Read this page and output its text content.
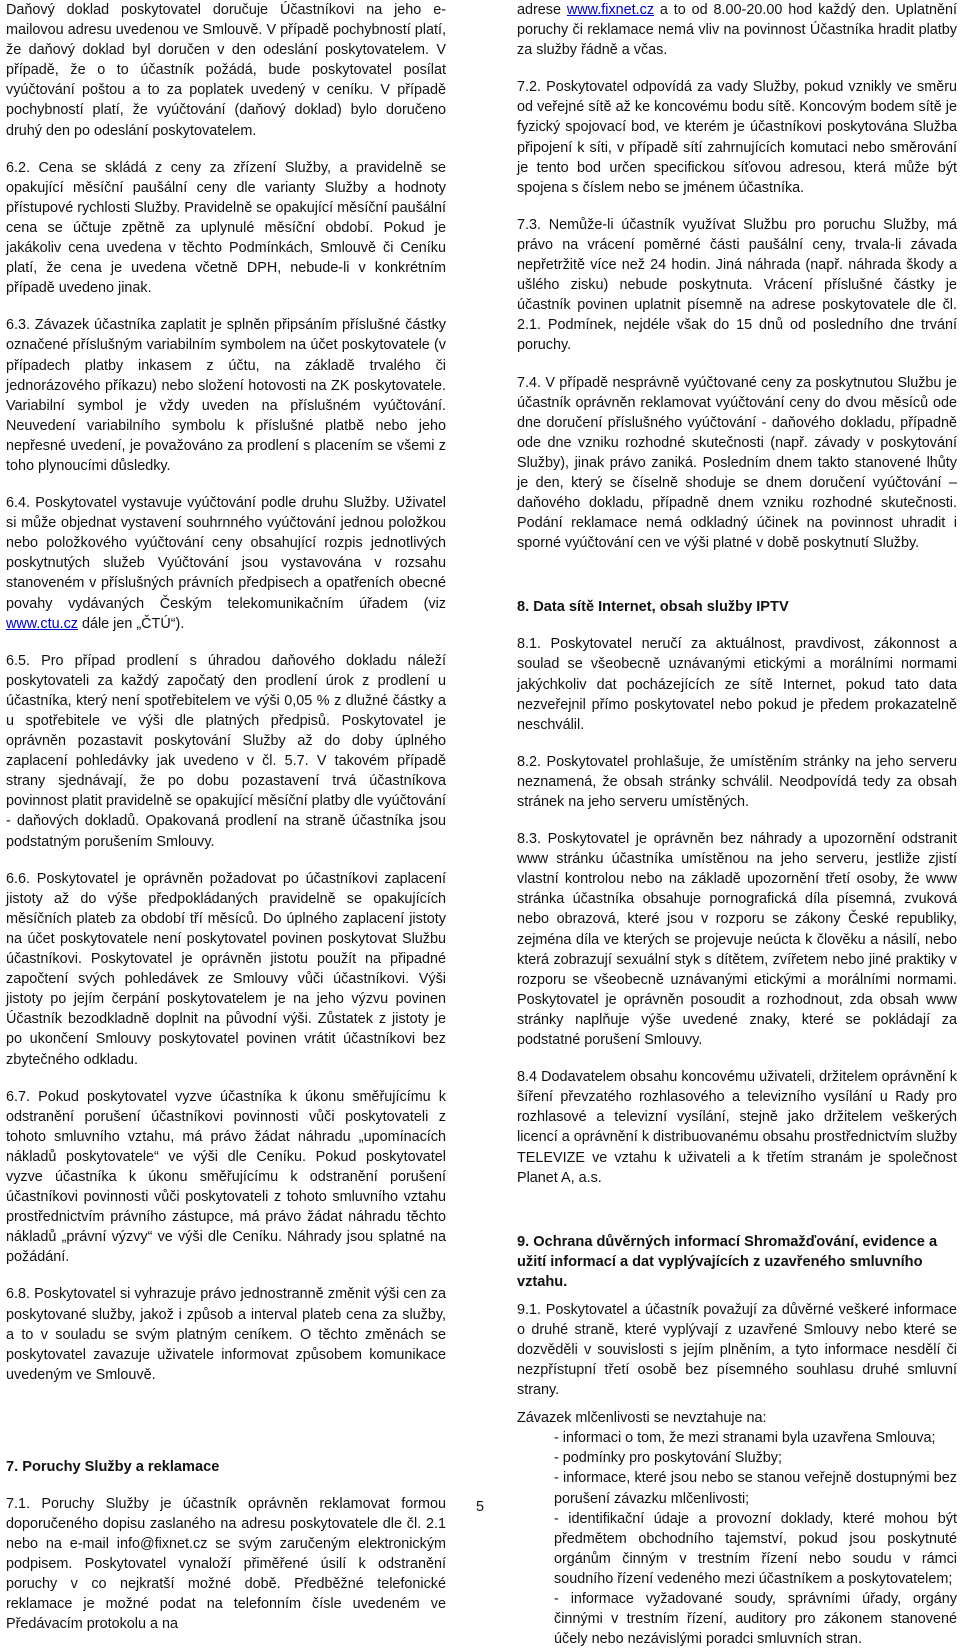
Daňový doklad poskytovatel doručuje Účastníkovi na jeho e-mailovou adresu uvedenou ve Smlouvě. V případě pochybností platí, že daňový doklad byl doručen v den odeslání poskytovatelem. V případě, že o to účastník požádá, bude poskytovatel posílat vyúčtování poštou a to za poplatek uvedený v ceníku. V případě pochybností platí, že vyúčtování (daňový doklad) bylo doručeno druhý den po odeslání poskytovatelem.

6.2. Cena se skládá z ceny za zřízení Služby, a pravidelně se opakující měsíční paušální ceny dle varianty Služby a hodnoty přístupové rychlosti Služby. Pravidelně se opakující měsíční paušální cena se účtuje zpětně za uplynulé měsíční období. Pokud je jakákoliv cena uvedena v těchto Podmínkách, Smlouvě či Ceníku platí, že cena je uvedena včetně DPH, nebude-li v konkrétním případě uvedeno jinak.

6.3. Závazek účastníka zaplatit je splněn připsáním příslušné částky označené příslušným variabilním symbolem na účet poskytovatele (v případech platby inkasem z účtu, na základě trvalého či jednorázového příkazu) nebo složení hotovosti na ZK poskytovatele. Variabilní symbol je vždy uveden na příslušném vyúčtování. Neuvedení variabilního symbolu k příslušné platbě nebo jeho nepřesné uvedení, je považováno za prodlení s placením se všemi z toho plynoucími důsledky.

6.4. Poskytovatel vystavuje vyúčtování podle druhu Služby. Uživatel si může objednat vystavení souhrnného vyúčtování jednou položkou nebo položkového vyúčtování ceny obsahující rozpis jednotlivých poskytnutých služeb Vyúčtování jsou vystavována v rozsahu stanoveném v příslušných právních předpisech a opatřeních obecné povahy vydávaných Českým telekomunikačním úřadem (viz www.ctu.cz dále jen „ČTÚ“).

6.5. Pro případ prodlení s úhradou daňového dokladu náleží poskytovateli za každý započatý den prodlení úrok z prodlení u účastníka, který není spotřebitelem ve výši 0,05 % z dlužné částky a u spotřebitele ve výši dle platných předpisů. Poskytovatel je oprávněn pozastavit poskytování Služby až do doby úplného zaplacení pohledávky jak uvedeno v čl. 5.7. V takovém případě strany sjednávají, že po dobu pozastavení trvá účastníkova povinnost platit pravidelně se opakující měsíční platby dle vyúčtování - daňových dokladů. Opakovaná prodlení na straně účastníka jsou podstatným porušením Smlouvy.

6.6. Poskytovatel je oprávněn požadovat po účastníkovi zaplacení jistoty až do výše předpokládaných pravidelně se opakujících měsíčních plateb za období tří měsíců. Do úplného zaplacení jistoty na účet poskytovatele není poskytovatel povinen poskytovat Službu účastníkovi. Poskytovatel je oprávněn jistotu použít na připadné započtení svých pohledávek ze Smlouvy vůči účastníkovi. Výši jistoty po jejím čerpání poskytovatelem je na jeho výzvu povinen Účastník bezodkladně doplnit na původní výši. Zůstatek z jistoty je po ukončení Smlouvy poskytovatel povinen vrátit účastníkovi bez zbytečného odkladu.

6.7. Pokud poskytovatel vyzve účastníka k úkonu směřujícímu k odstranění porušení účastníkovi povinnosti vůči poskytovateli z tohoto smluvního vztahu, má právo žádat náhradu „upomínacích nákladů poskytovatele“ ve výši dle Ceníku. Pokud poskytovatel vyzve účastníka k úkonu směřujícímu k odstranění porušení účastníkovi povinnosti vůči poskytovateli z tohoto smluvního vztahu prostřednictvím právního zástupce, má právo žádat náhradu těchto nákladů „právní výzvy“ ve výši dle Ceníku. Náhrady jsou splatné na požádání.

6.8. Poskytovatel si vyhrazuje právo jednostranně změnit výši cen za poskytované služby, jakož i způsob a interval plateb cena za služby, a to v souladu se svým platným ceníkem. O těchto změnách se poskytovatel zavazuje uživatele informovat způsobem komunikace uvedeným ve Smlouvě.

7. Poruchy Služby a reklamace

7.1. Poruchy Služby je účastník oprávněn reklamovat formou doporučeného dopisu zaslaného na adresu poskytovatele dle čl. 2.1 nebo na e-mail info@fixnet.cz se svým zaručeným elektronickým podpisem. Poskytovatel vynaloží přiměřené úsilí k odstranění poruchy v co nejkratší možné době. Předběžné telefonické reklamace je možné podat na telefonním čísle uvedeném ve Předávacím protokolu a na

adrese www.fixnet.cz a to od 8.00-20.00 hod každý den. Uplatnění poruchy či reklamace nemá vliv na povinnost Účastníka hradit platby za služby řádně a včas.

7.2. Poskytovatel odpovídá za vady Služby, pokud vznikly ve směru od veřejné sítě až ke koncovému bodu sítě. Koncovým bodem sítě je fyzický spojovací bod, ve kterém je účastníkovi poskytována Služba připojení k síti, v případě sítí zahrnujících komutaci nebo směrování je tento bod určen specifickou síťovou adresou, která může být spojena s číslem nebo se jménem účastníka.

7.3. Nemůže-li účastník využívat Službu pro poruchu Služby, má právo na vrácení poměrné části paušální ceny, trvala-li závada nepřetržitě více než 24 hodin. Jiná náhrada (např. náhrada škody a ušlého zisku) nebude poskytnuta. Vrácení příslušné částky je účastník povinen uplatnit písemně na adrese poskytovatele dle čl. 2.1. Podmínek, nejdéle však do 15 dnů od posledního dne trvání poruchy.

7.4. V případě nesprávně vyúčtované ceny za poskytnutou Službu je účastník oprávněn reklamovat vyúčtování ceny do dvou měsíců ode dne doručení příslušného vyúčtování - daňového dokladu, případně ode dne vzniku rozhodné skutečnosti (např. závady v poskytování Služby), jinak právo zaniká. Posledním dnem takto stanovené lhůty je den, který se číselně shoduje se dnem doručení vyúčtování – daňového dokladu, případně dnem vzniku rozhodné skutečnosti. Podání reklamace nemá odkladný účinek na povinnost uhradit i sporné vyúčtování cen ve výši platné v době poskytnutí Služby.

8. Data sítě Internet, obsah služby IPTV

8.1. Poskytovatel neručí za aktuálnost, pravdivost, zákonnost a soulad se všeobecně uznávanými etickými a morálními normami jakýchkoliv dat pocházejících ze sítě Internet, pokud tato data nezveřejnil přímo poskytovatel nebo pokud je předem prokazatelně neschválil.

8.2. Poskytovatel prohlašuje, že umístěním stránky na jeho serveru neznamená, že obsah stránky schválil. Neodpovídá tedy za obsah stránek na jeho serveru umístěných.

8.3. Poskytovatel je oprávněn bez náhrady a upozornění odstranit www stránku účastníka umístěnou na jeho serveru, jestliže zjistí vlastní kontrolou nebo na základě upozornění třetí osoby, že www stránka účastníka obsahuje pornografická díla písemná, zvuková nebo obrazová, které jsou v rozporu se zákony České republiky, zejména díla ve kterých se projevuje neúcta k člověku a násilí, nebo která zobrazují sexuální styk s dítětem, zvířetem nebo jiné praktiky v rozporu se všeobecně uznávanými etickými a morálními normami. Poskytovatel je oprávněn posoudit a rozhodnout, zda obsah www stránky naplňuje výše uvedené znaky, které se pokládají za podstatné porušení Smlouvy.

8.4 Dodavatelem obsahu koncovému uživateli, držitelem oprávnění k šíření převzatého rozhlasového a televizního vysílání u Rady pro rozhlasové a televizní vysílání, stejně jako držitelem veškerých licencí a oprávnění k distribuovanému obsahu prostřednictvím služby TELEVIZE ve vztahu k uživateli a k třetím stranám je společnost Planet A, a.s.

9. Ochrana důvěrných informací Shromažďování, evidence a užití informací a dat vyplývajících z uzavřeného smluvního vztahu.

9.1. Poskytovatel a účastník považují za důvěrné veškeré informace o druhé straně, které vyplývají z uzavřené Smlouvy nebo které se dozvěděli v souvislosti s jejím plněním, a tyto informace nesdělí či nezpřístupní třetí osobě bez písemného souhlasu druhé smluvní strany.

Závazek mlčenlivosti se nevztahuje na:

- informaci o tom, že mezi stranami byla uzavřena Smlouva;
- podmínky pro poskytování Služby;
- informace, které jsou nebo se stanou veřejně dostupnými bez porušení závazku mlčenlivosti;
- identifikační údaje a provozní doklady, které mohou být předmětem obchodního tajemství, pokud jsou poskytnuté orgánům činným v trestním řízení nebo soudu v rámci soudního řízení vedeného mezi účastníkem a poskytovatelem;
- informace vyžadované soudy, správními úřady, orgány činnými v trestním řízení, auditory pro zákonem stanovené účely nebo nezávislými poradci smluvních stran.
5
